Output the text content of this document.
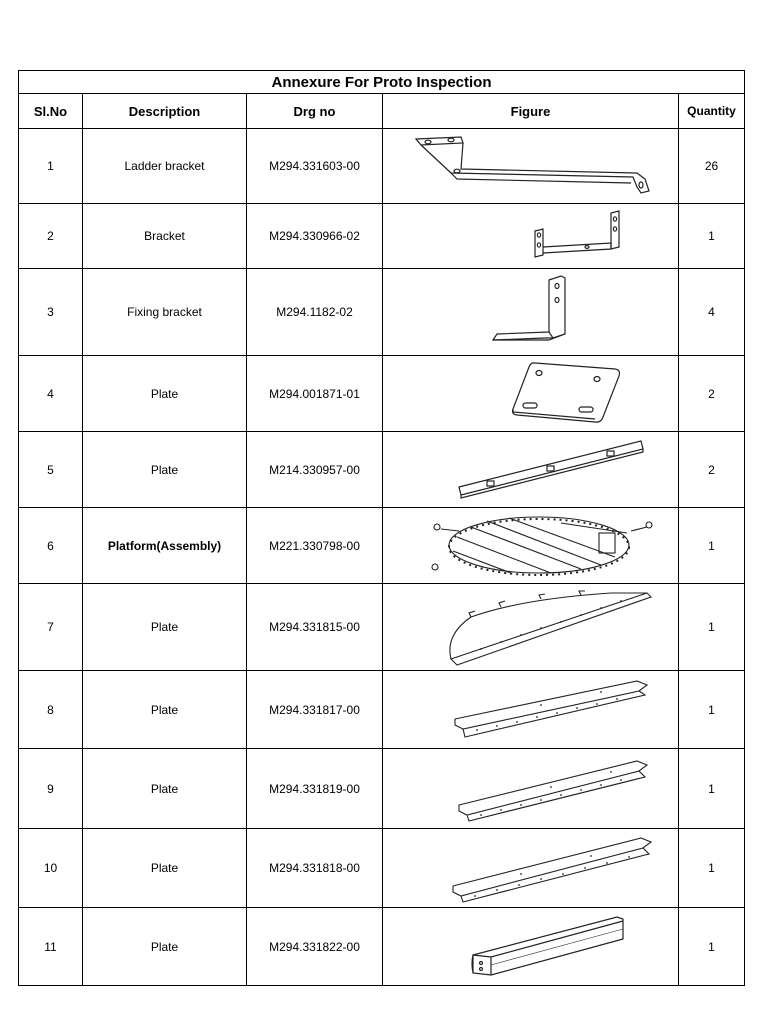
Annexure For Proto Inspection				
Sl.No	Description	Drg no	Figure	Quantity
1	Ladder bracket	M294.331603-00		26
2	Bracket	M294.330966-02		1
3	Fixing bracket	M294.1182-02		4
4	Plate	M294.001871-01		2
5	Plate	M214.330957-00		2
6	Platform(Assembly)	M221.330798-00		1
7	Plate	M294.331815-00		1
8	Plate	M294.331817-00		1
9	Plate	M294.331819-00		1
10	Plate	M294.331818-00		1
11	Plate	M294.331822-00		1
